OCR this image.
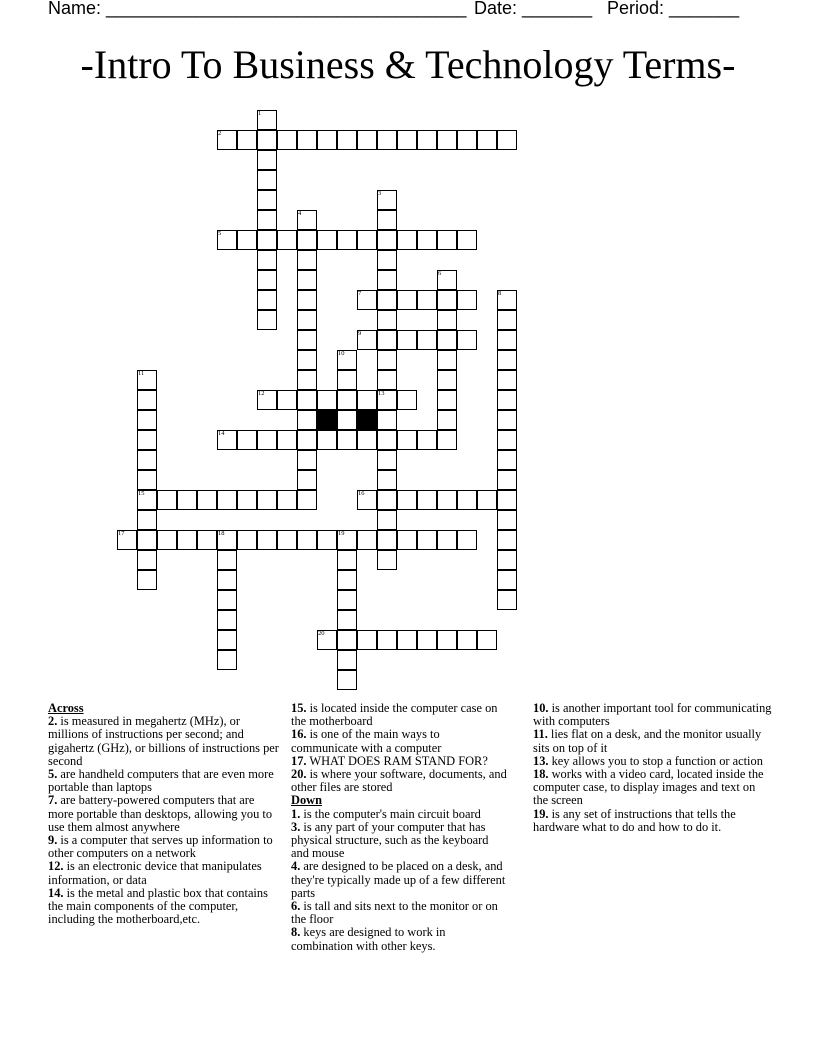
Name: ____________________________________ Date: _______ Period: _______
-Intro To Business & Technology Terms-
1
2
3
4
5
6
7	8
9
10
11
12	13
14
15	16
17	18	19
20
Across
2. is measured in megahertz (MHz), or millions of instructions per second; and gigahertz (GHz), or billions of instructions per second
5. are handheld computers that are even more portable than laptops
7. are battery-powered computers that are more portable than desktops, allowing you to use them almost anywhere
9. is a computer that serves up information to other computers on a network
12. is an electronic device that manipulates information, or data
14. is the metal and plastic box that contains the main components of the computer, including the motherboard,etc.
15. is located inside the computer case on the motherboard
16. is one of the main ways to communicate with a computer
17. WHAT DOES RAM STAND FOR?
20. is where your software, documents, and other files are stored
Down
1. is the computer's main circuit board
3. is any part of your computer that has physical structure, such as the keyboard and mouse
4. are designed to be placed on a desk, and they're typically made up of a few different parts
6. is tall and sits next to the monitor or on the floor
8. keys are designed to work in combination with other keys.
10. is another important tool for communicating with computers
11. lies flat on a desk, and the monitor usually sits on top of it
13. key allows you to stop a function or action
18. works with a video card, located inside the computer case, to display images and text on the screen
19. is any set of instructions that tells the hardware what to do and how to do it.
